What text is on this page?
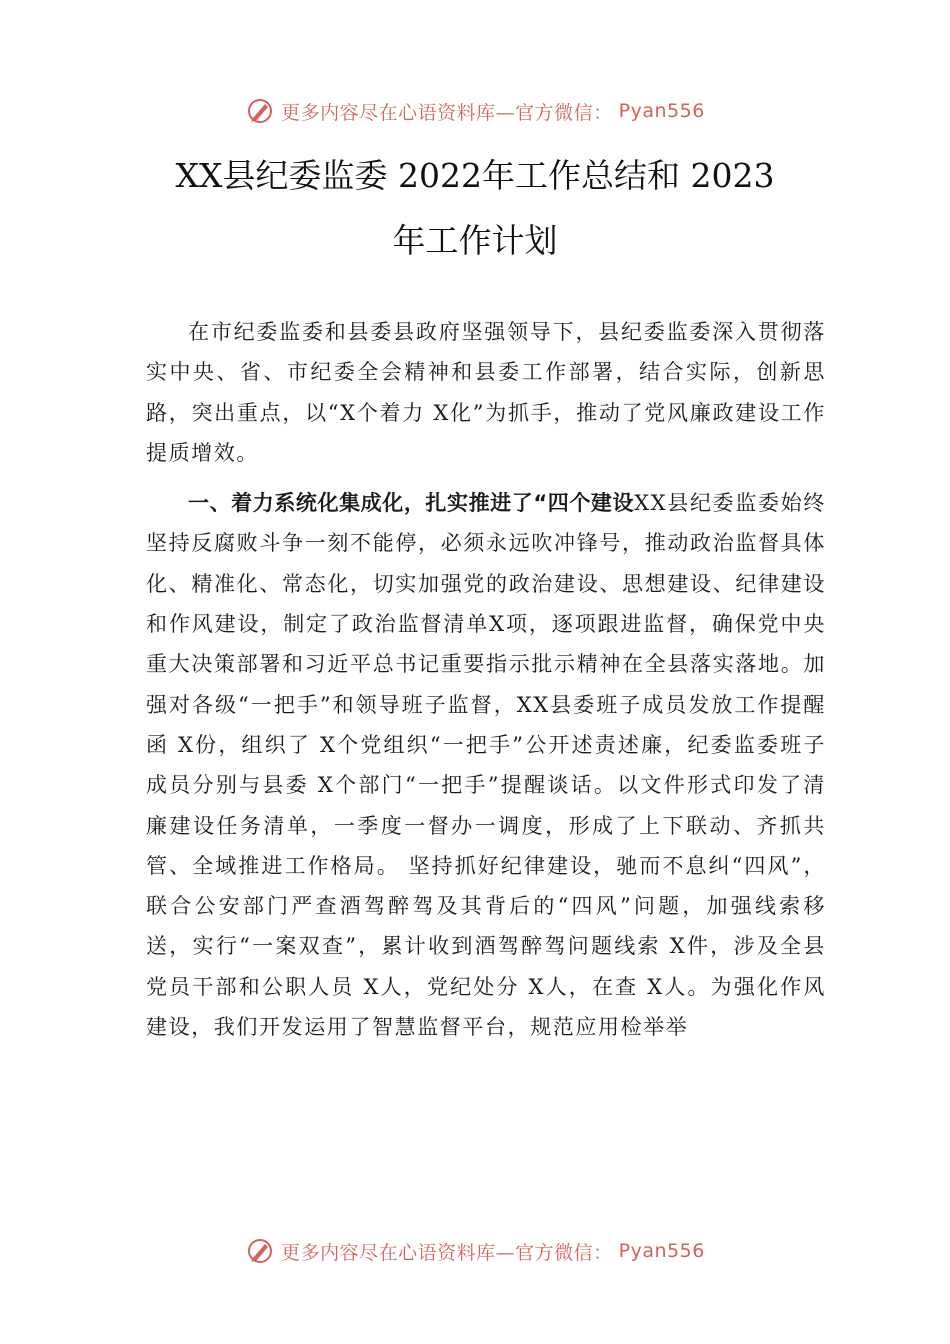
更多内容尽在心语资料库—官方微信： Pyan556
XX县纪委监委 2022年工作总结和 2023
年工作计划

在市纪委监委和县委县政府坚强领导下，县纪委监委深入贯彻落实中央、省、市纪委全会精神和县委工作部署，结合实际，创新思路，突出重点，以“X个着力 X化”为抓手，推动了党风廉政建设工作提质增效。

一、着力系统化集成化，扎实推进了“四个建设XX县纪委监委始终坚持反腐败斗争一刻不能停，必须永远吹冲锋号，推动政治监督具体化、精准化、常态化，切实加强党的政治建设、思想建设、纪律建设和作风建设，制定了政治监督清单X项，逐项跟进监督，确保党中央重大决策部署和习近平总书记重要指示批示精神在全县落实落地。加强对各级“一把手”和领导班子监督，XX县委班子成员发放工作提醒函 X份，组织了 X个党组织“一把手”公开述责述廉，纪委监委班子成员分别与县委 X个部门“一把手”提醒谈话。以文件形式印发了清廉建设任务清单，一季度一督办一调度，形成了上下联动、齐抓共管、全域推进工作格局。 坚持抓好纪律建设，驰而不息纠“四风”，联合公安部门严查酒驾醉驾及其背后的“四风”问题，加强线索移送，实行“一案双查”，累计收到酒驾醉驾问题线索 X件，涉及全县党员干部和公职人员 X人，党纪处分 X人，在查 X人。为强化作风建设，我们开发运用了智慧监督平台，规范应用检举举

更多内容尽在心语资料库—官方微信： Pyan556
